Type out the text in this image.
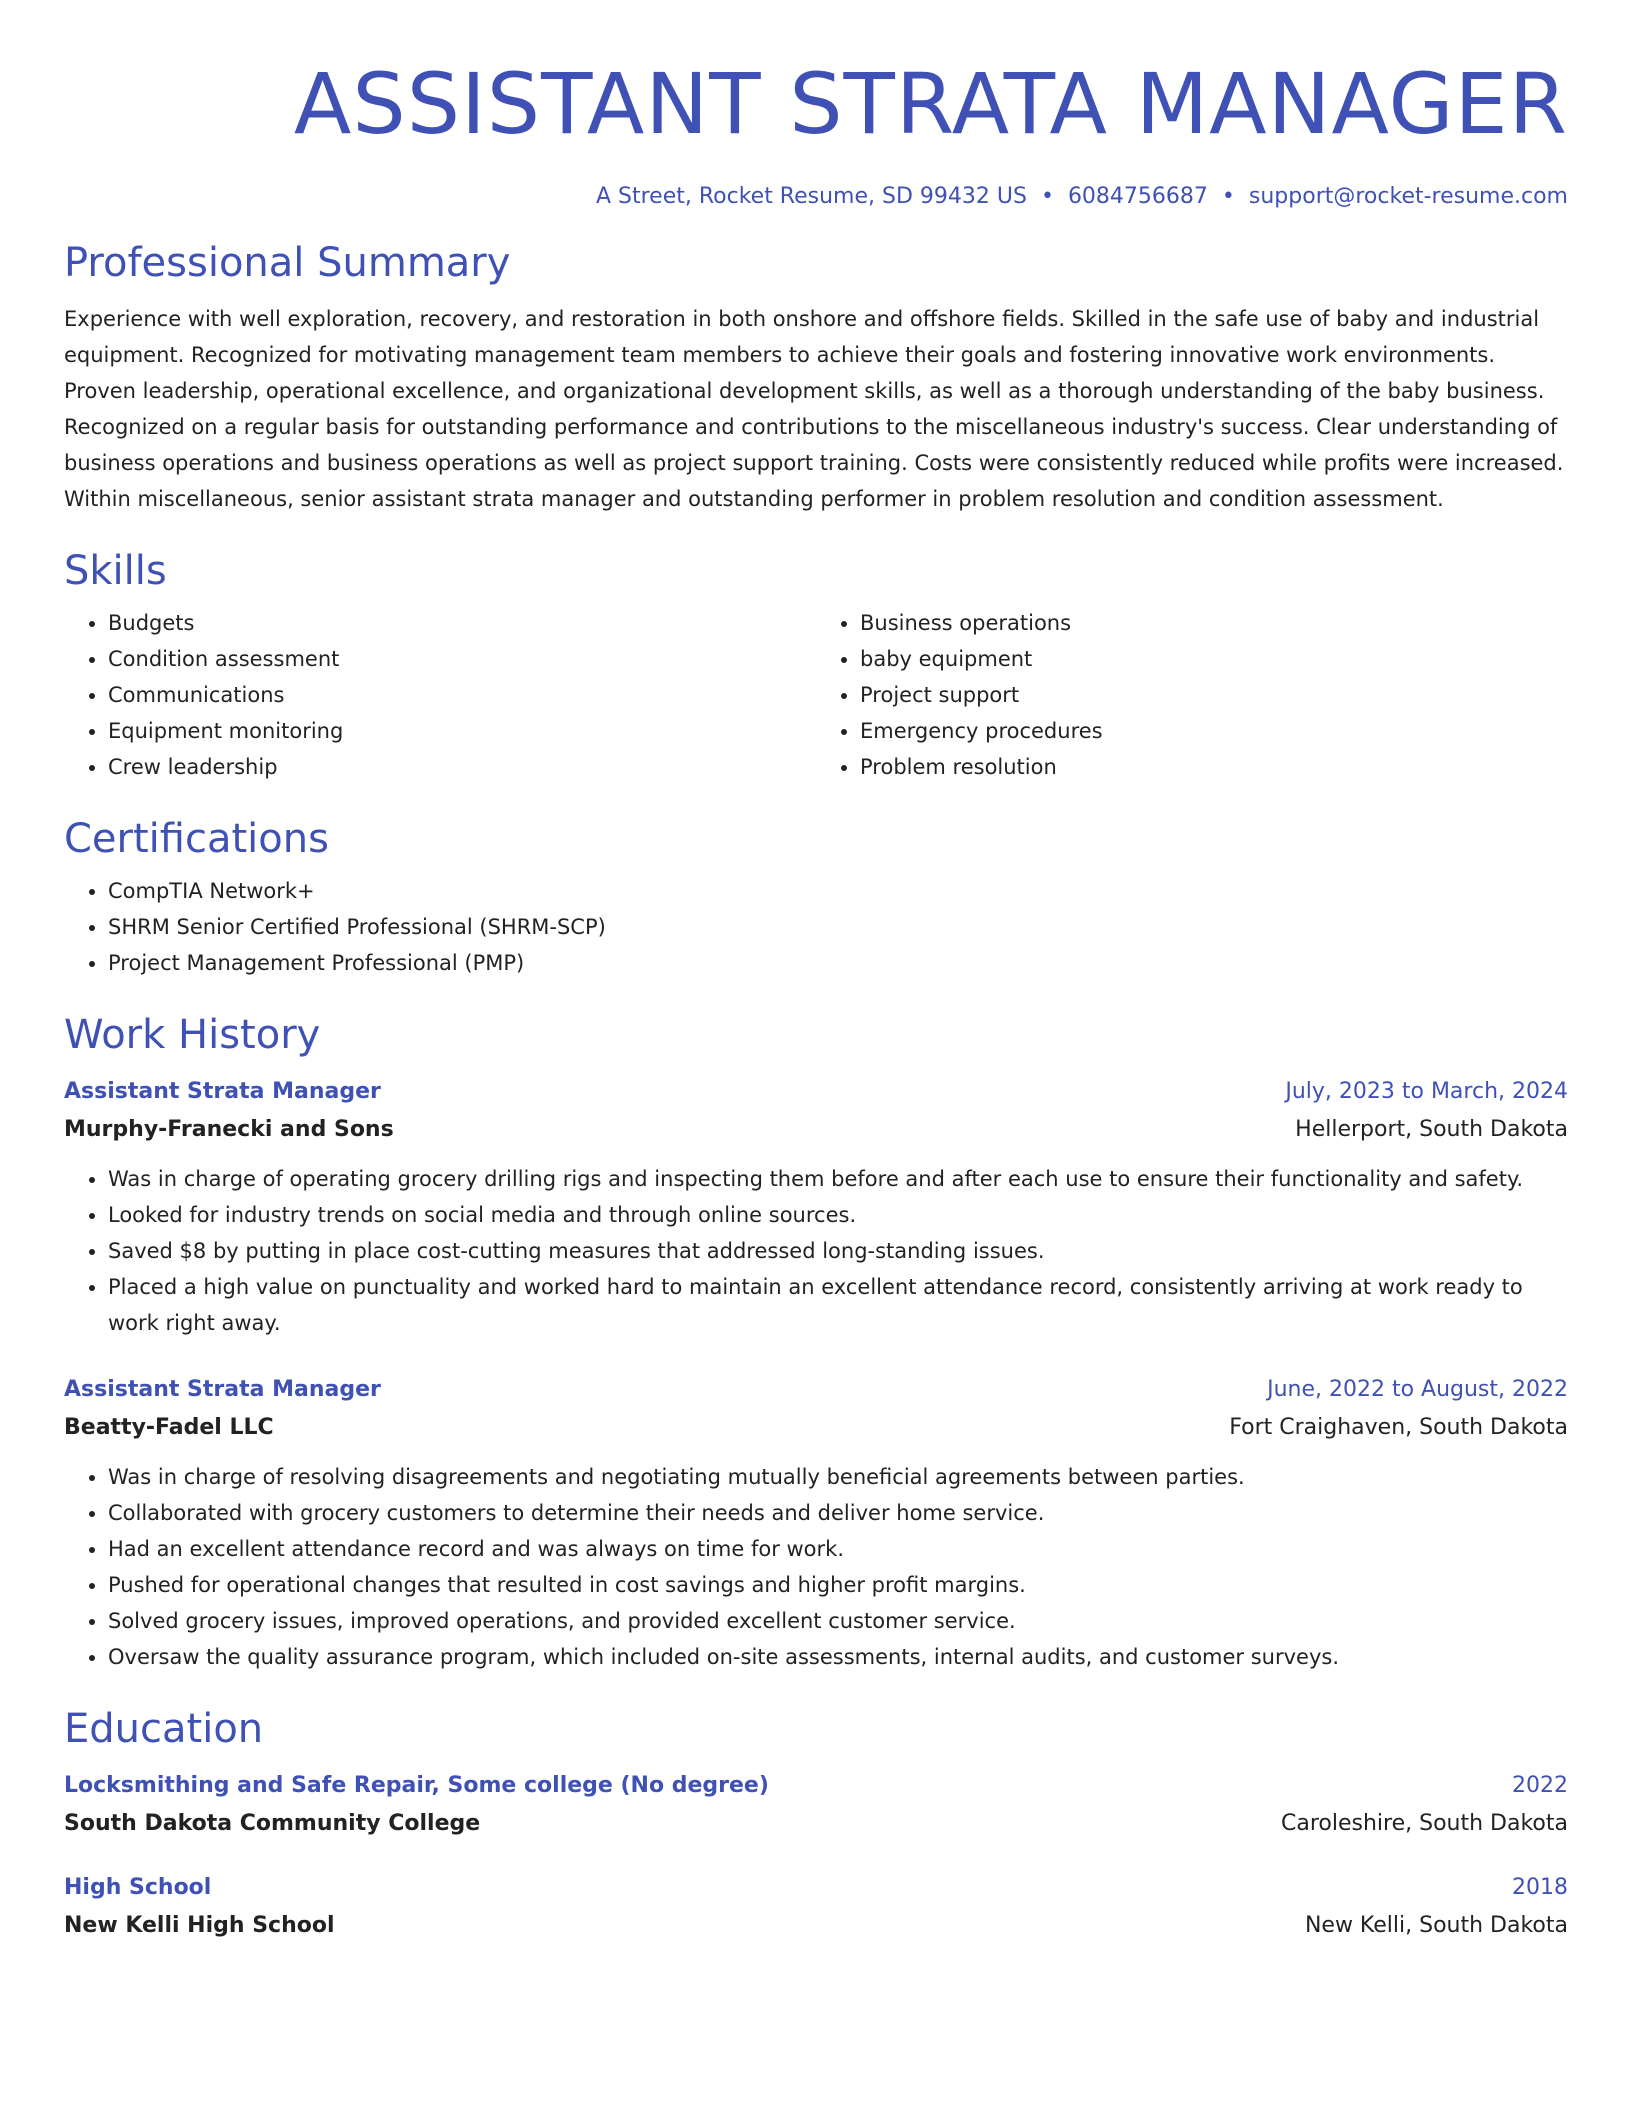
ASSISTANT STRATA MANAGER
A Street, Rocket Resume, SD 99432 US • 6084756687 • support@rocket-resume.com
Professional Summary

Experience with well exploration, recovery, and restoration in both onshore and offshore fields. Skilled in the safe use of baby and industrial equipment. Recognized for motivating management team members to achieve their goals and fostering innovative work environments. Proven leadership, operational excellence, and organizational development skills, as well as a thorough understanding of the baby business. Recognized on a regular basis for outstanding performance and contributions to the miscellaneous industry's success. Clear understanding of business operations and business operations as well as project support training. Costs were consistently reduced while profits were increased. Within miscellaneous, senior assistant strata manager and outstanding performer in problem resolution and condition assessment.

Skills
• Budgets
• Condition assessment
• Communications
• Equipment monitoring
• Crew leadership
• Business operations
• baby equipment
• Project support
• Emergency procedures
• Problem resolution
Certifications
• CompTIA Network+
• SHRM Senior Certified Professional (SHRM-SCP)
• Project Management Professional (PMP)
Work History
Assistant Strata Manager	July, 2023 to March, 2024
Murphy-Franecki and Sons	Hellerport, South Dakota
• Was in charge of operating grocery drilling rigs and inspecting them before and after each use to ensure their functionality and safety.
• Looked for industry trends on social media and through online sources.
• Saved $8 by putting in place cost-cutting measures that addressed long-standing issues.
• Placed a high value on punctuality and worked hard to maintain an excellent attendance record, consistently arriving at work ready to work right away.
Assistant Strata Manager	June, 2022 to August, 2022
Beatty-Fadel LLC	Fort Craighaven, South Dakota
• Was in charge of resolving disagreements and negotiating mutually beneficial agreements between parties.
• Collaborated with grocery customers to determine their needs and deliver home service.
• Had an excellent attendance record and was always on time for work.
• Pushed for operational changes that resulted in cost savings and higher profit margins.
• Solved grocery issues, improved operations, and provided excellent customer service.
• Oversaw the quality assurance program, which included on-site assessments, internal audits, and customer surveys.
Education
Locksmithing and Safe Repair, Some college (No degree)	2022
South Dakota Community College	Caroleshire, South Dakota
High School	2018
New Kelli High School	New Kelli, South Dakota
